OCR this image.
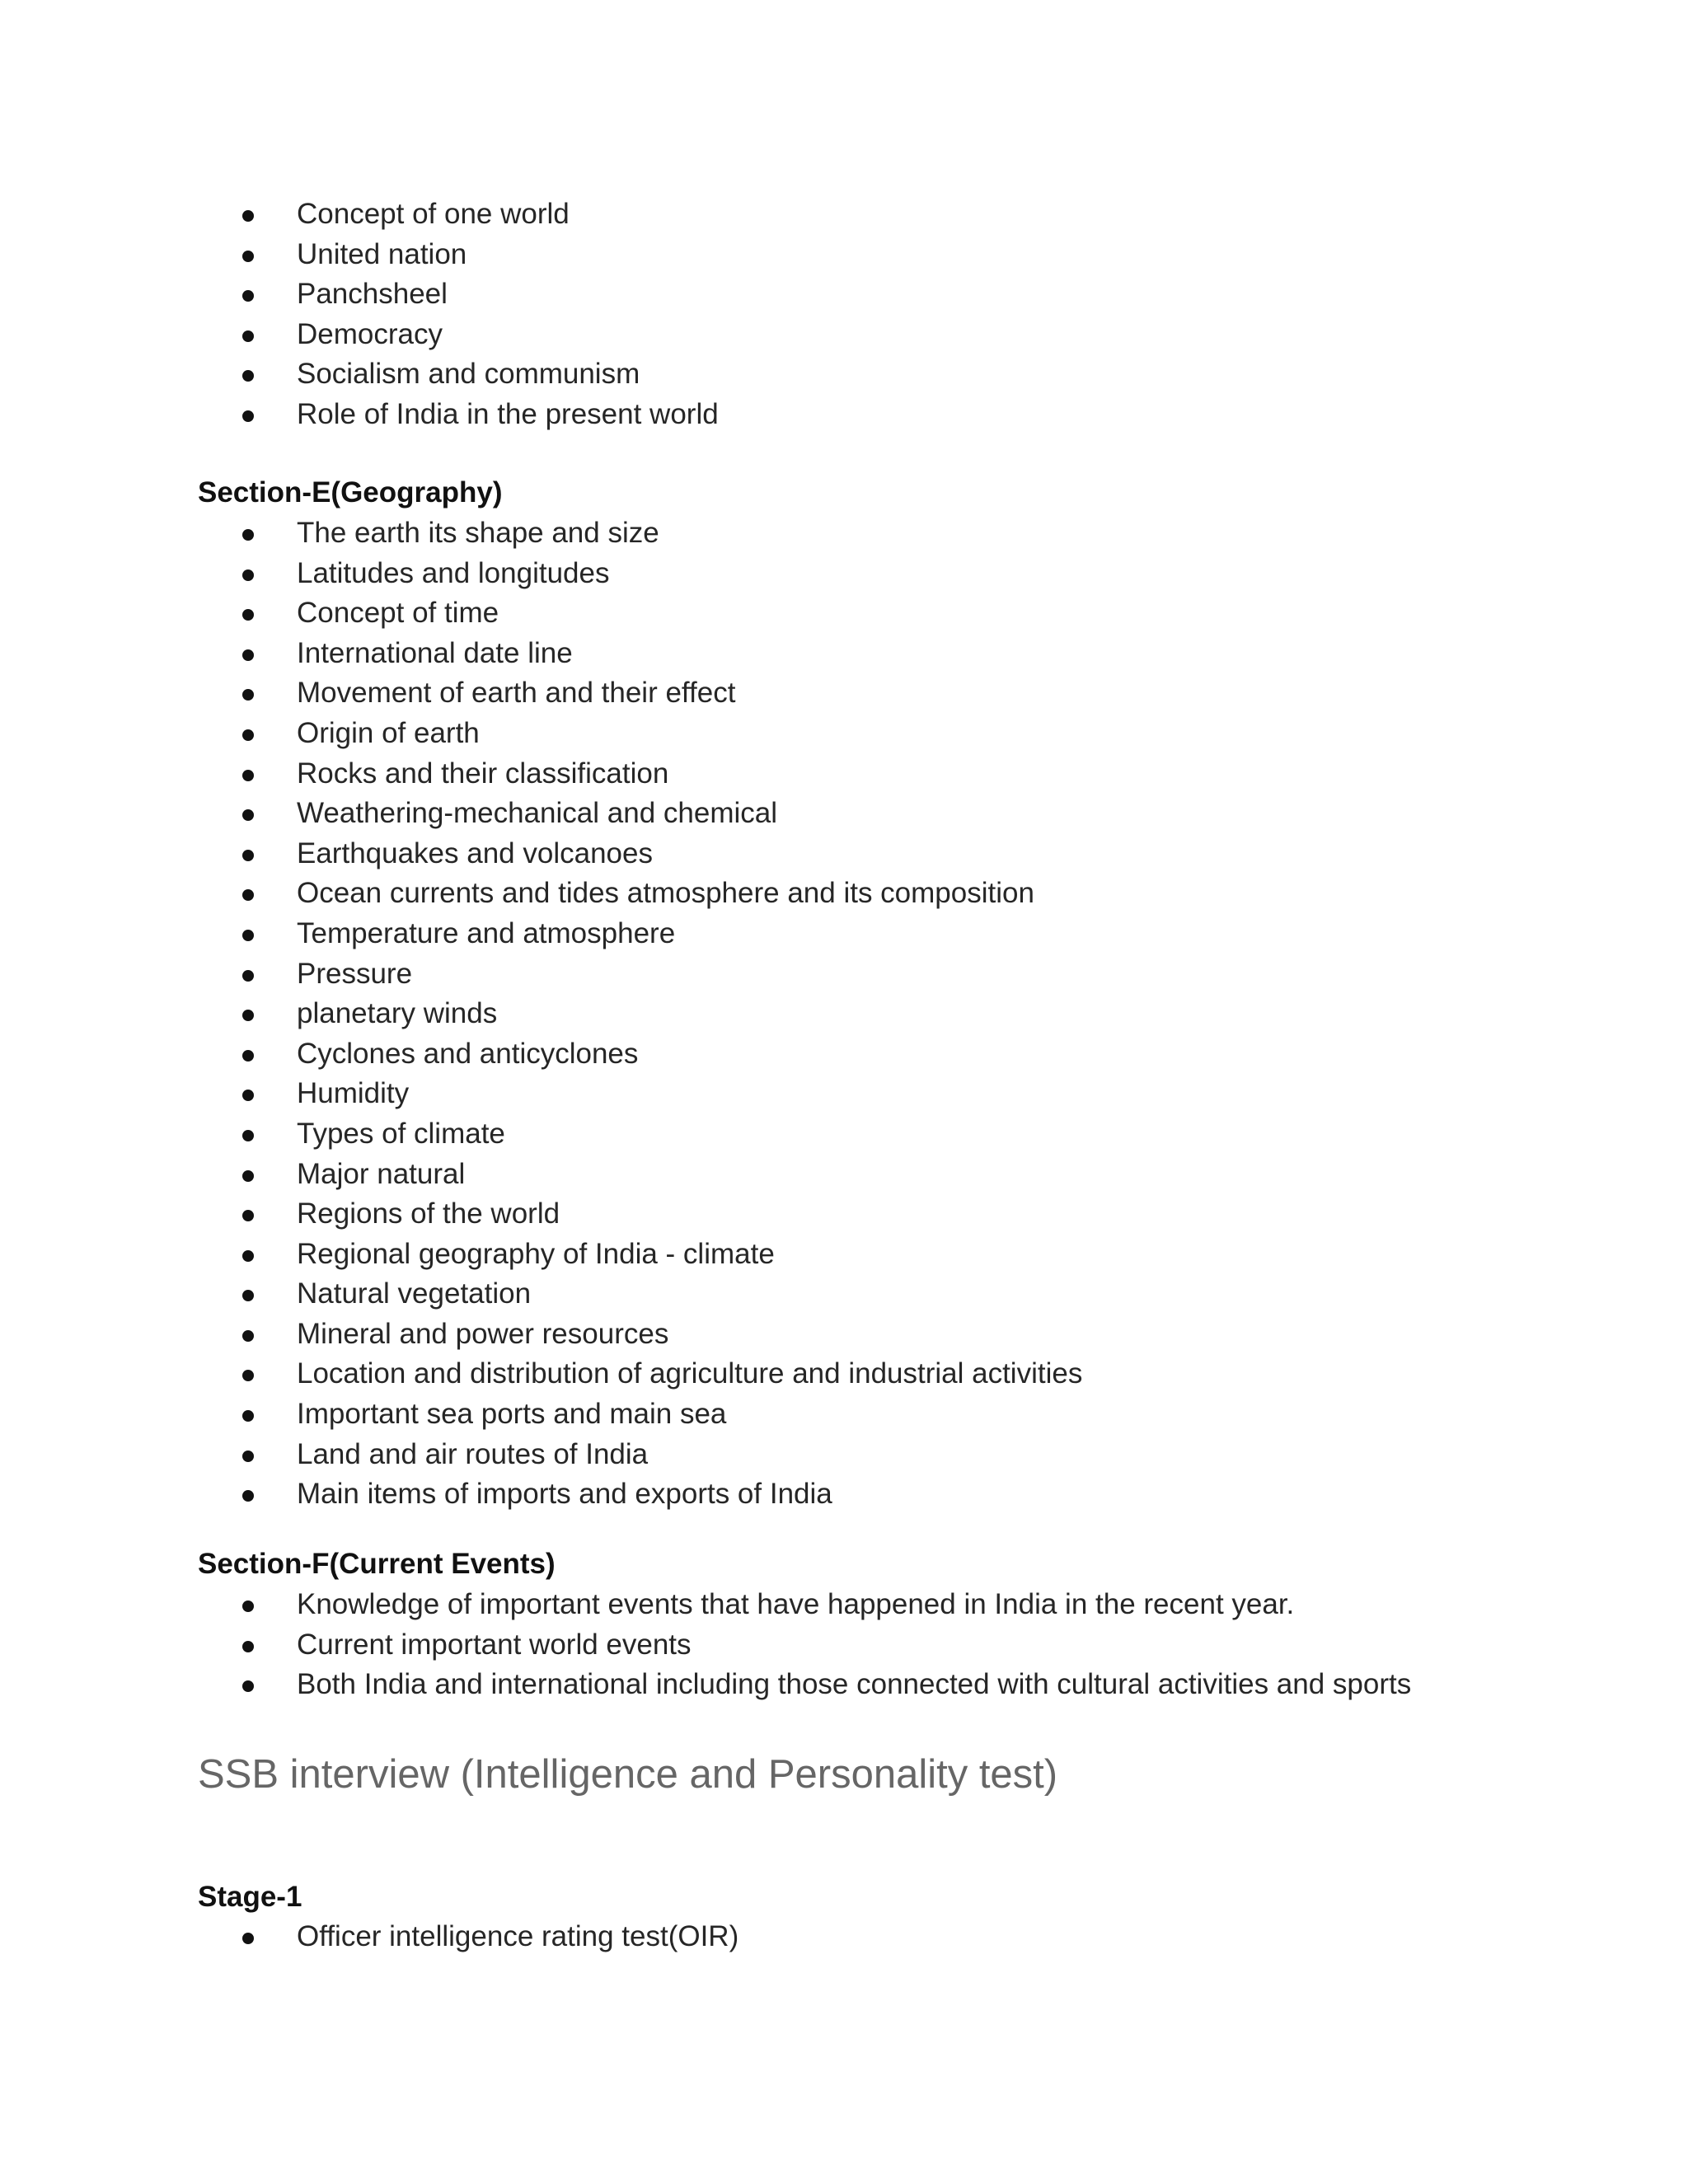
Concept of one world
United nation
Panchsheel
Democracy
Socialism and communism
Role of India in the present world
Section-E(Geography)
The earth its shape and size
Latitudes and longitudes
Concept of time
International date line
Movement of earth and their effect
Origin of earth
Rocks and their classification
Weathering-mechanical and chemical
Earthquakes and volcanoes
Ocean currents and tides atmosphere and its composition
Temperature and atmosphere
Pressure
planetary winds
Cyclones and anticyclones
Humidity
Types of climate
Major natural
Regions of the world
Regional geography of India - climate
Natural vegetation
Mineral and power resources
Location and distribution of agriculture and industrial activities
Important sea ports and main sea
Land and air routes of India
Main items of imports and exports of India
Section-F(Current Events)
Knowledge of important events that have happened in India in the recent year.
Current important world events
Both India and international including those connected with cultural activities and sports
SSB interview (Intelligence and Personality test)
Stage-1
Officer intelligence rating test(OIR)
